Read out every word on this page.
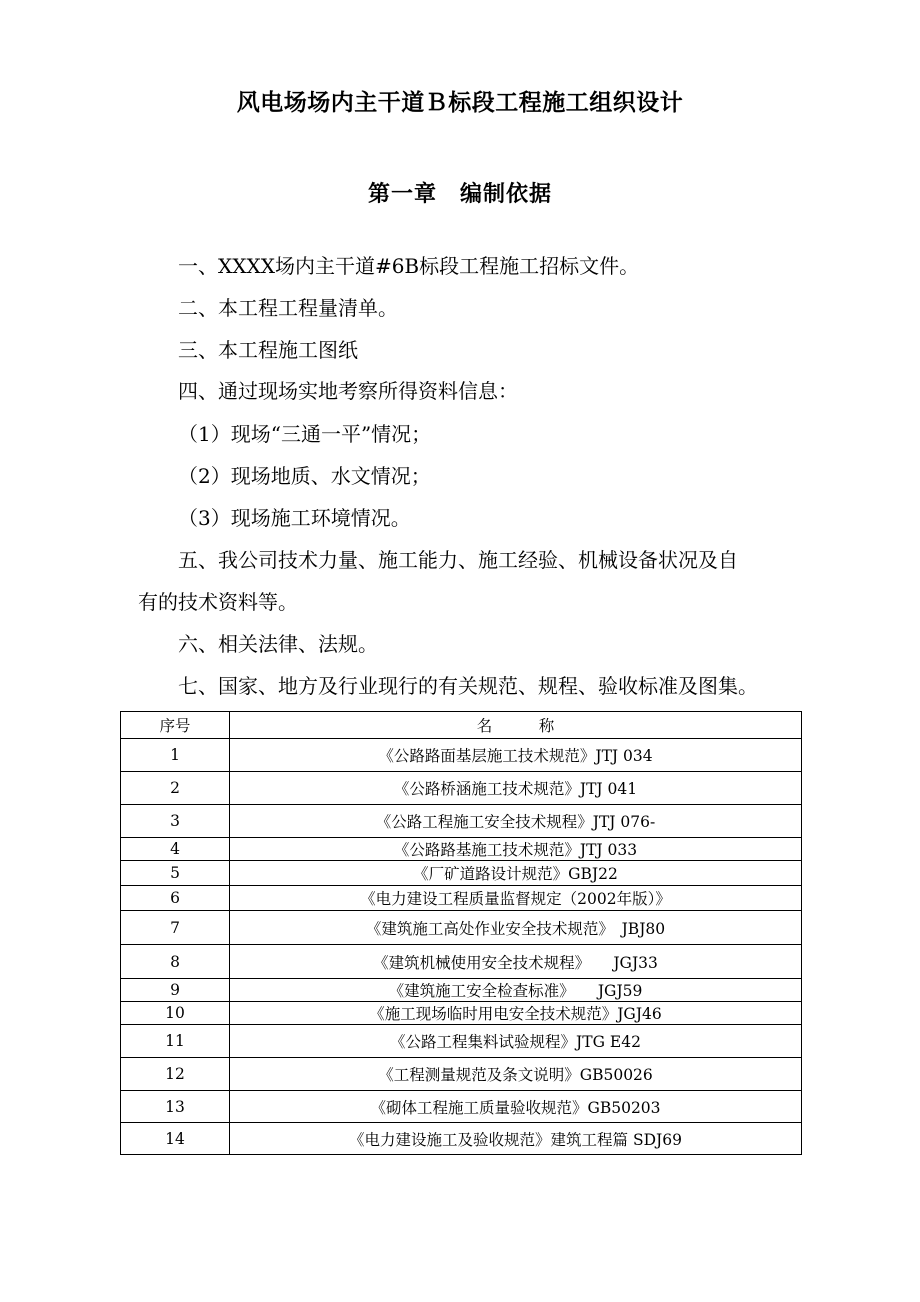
风电场场内主干道Ｂ标段工程施工组织设计
第一章　编制依据
一、XXXX场内主干道#6B标段工程施工招标文件。
二、本工程工程量清单。
三、本工程施工图纸
四、通过现场实地考察所得资料信息：
（1）现场“三通一平”情况；
（2）现场地质、水文情况；
（3）现场施工环境情况。
五、我公司技术力量、施工能力、施工经验、机械设备状况及自
有的技术资料等。
六、相关法律、法规。
七、国家、地方及行业现行的有关规范、规程、验收标准及图集。
序号	名　　　称
1	《公路路面基层施工技术规范》JTJ 034
2	《公路桥涵施工技术规范》JTJ 041
3	《公路工程施工安全技术规程》JTJ 076-
4	《公路路基施工技术规范》JTJ 033
5	《厂矿道路设计规范》GBJ22
6	《电力建设工程质量监督规定（2002年版）》
7	《建筑施工高处作业安全技术规范》　JBJ80
8	《建筑机械使用安全技术规程》　　JGJ33
9	《建筑施工安全检查标准》　　JGJ59
10	《施工现场临时用电安全技术规范》JGJ46
11	《公路工程集料试验规程》JTG E42
12	《工程测量规范及条文说明》GB50026
13	《砌体工程施工质量验收规范》GB50203
14	《电力建设施工及验收规范》建筑工程篇 SDJ69
